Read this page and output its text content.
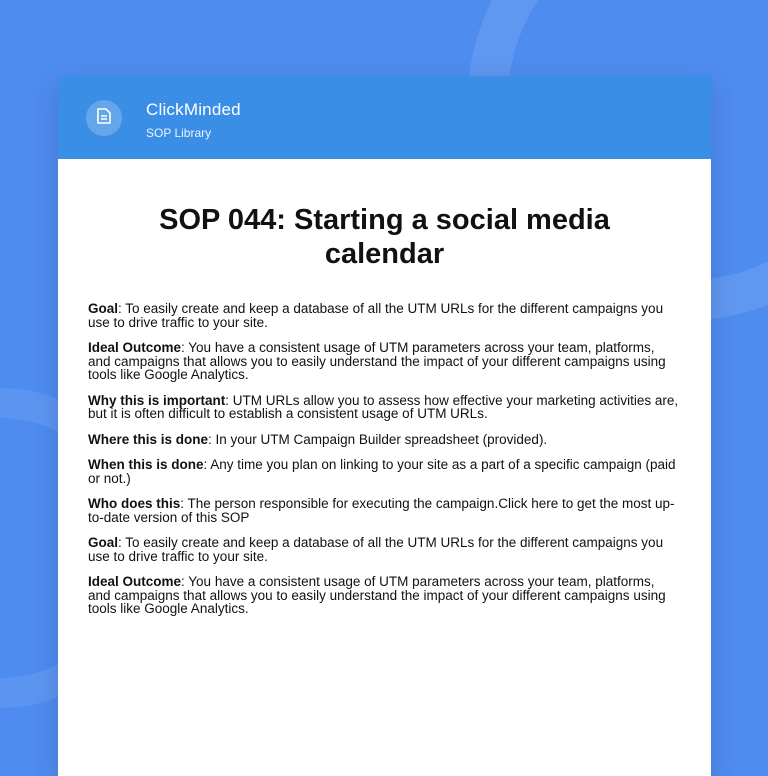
ClickMinded
SOP Library
SOP 044: Starting a social media calendar

Goal: To easily create and keep a database of all the UTM URLs for the different campaigns you use to drive traffic to your site.

Ideal Outcome: You have a consistent usage of UTM parameters across your team, platforms, and campaigns that allows you to easily understand the impact of your different campaigns using tools like Google Analytics.

Why this is important: UTM URLs allow you to assess how effective your marketing activities are, but it is often difficult to establish a consistent usage of UTM URLs.

Where this is done: In your UTM Campaign Builder spreadsheet (provided).

When this is done: Any time you plan on linking to your site as a part of a specific campaign (paid or not.)

Who does this: The person responsible for executing the campaign.Click here to get the most up-to-date version of this SOP

Goal: To easily create and keep a database of all the UTM URLs for the different campaigns you use to drive traffic to your site.

Ideal Outcome: You have a consistent usage of UTM parameters across your team, platforms, and campaigns that allows you to easily understand the impact of your different campaigns using tools like Google Analytics.
